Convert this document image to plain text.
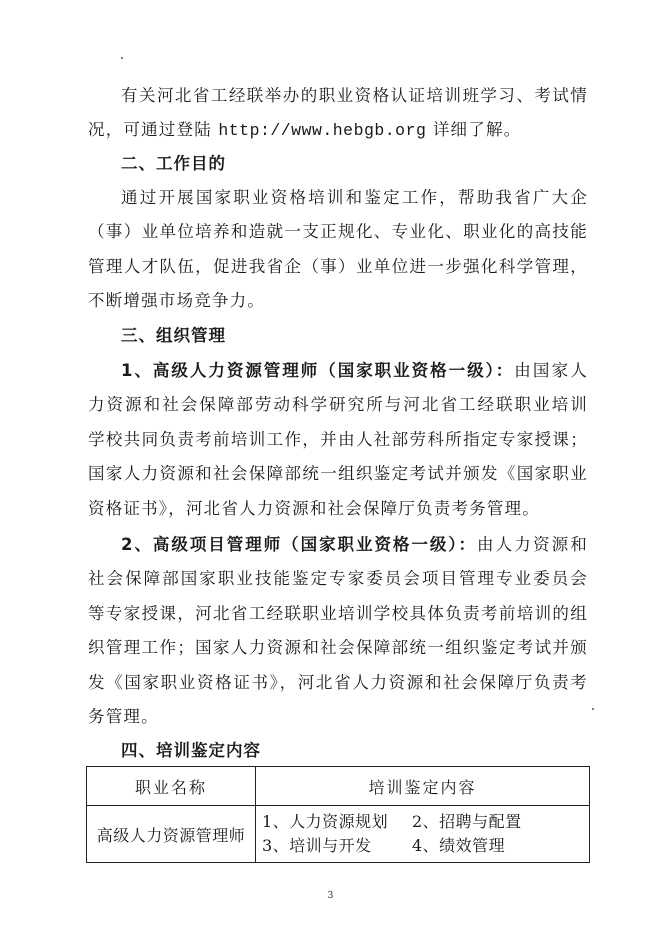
有关河北省工经联举办的职业资格认证培训班学习、考试情
况，可通过登陆 http://www.hebgb.org 详细了解。
二、工作目的
通过开展国家职业资格培训和鉴定工作，帮助我省广大企
（事）业单位培养和造就一支正规化、专业化、职业化的高技能
管理人才队伍，促进我省企（事）业单位进一步强化科学管理，
不断增强市场竞争力。
三、组织管理
1、高级人力资源管理师（国家职业资格一级）：由国家人
力资源和社会保障部劳动科学研究所与河北省工经联职业培训
学校共同负责考前培训工作，并由人社部劳科所指定专家授课；
国家人力资源和社会保障部统一组织鉴定考试并颁发《国家职业
资格证书》，河北省人力资源和社会保障厅负责考务管理。
2、高级项目管理师（国家职业资格一级）：由人力资源和
社会保障部国家职业技能鉴定专家委员会项目管理专业委员会
等专家授课，河北省工经联职业培训学校具体负责考前培训的组
织管理工作；国家人力资源和社会保障部统一组织鉴定考试并颁
发《国家职业资格证书》，河北省人力资源和社会保障厅负责考
务管理。
四、培训鉴定内容
职业名称	培训鉴定内容
高级人力资源管理师	1、人力资源规划 2、招聘与配置
3、培训与开发 4、绩效管理
3
